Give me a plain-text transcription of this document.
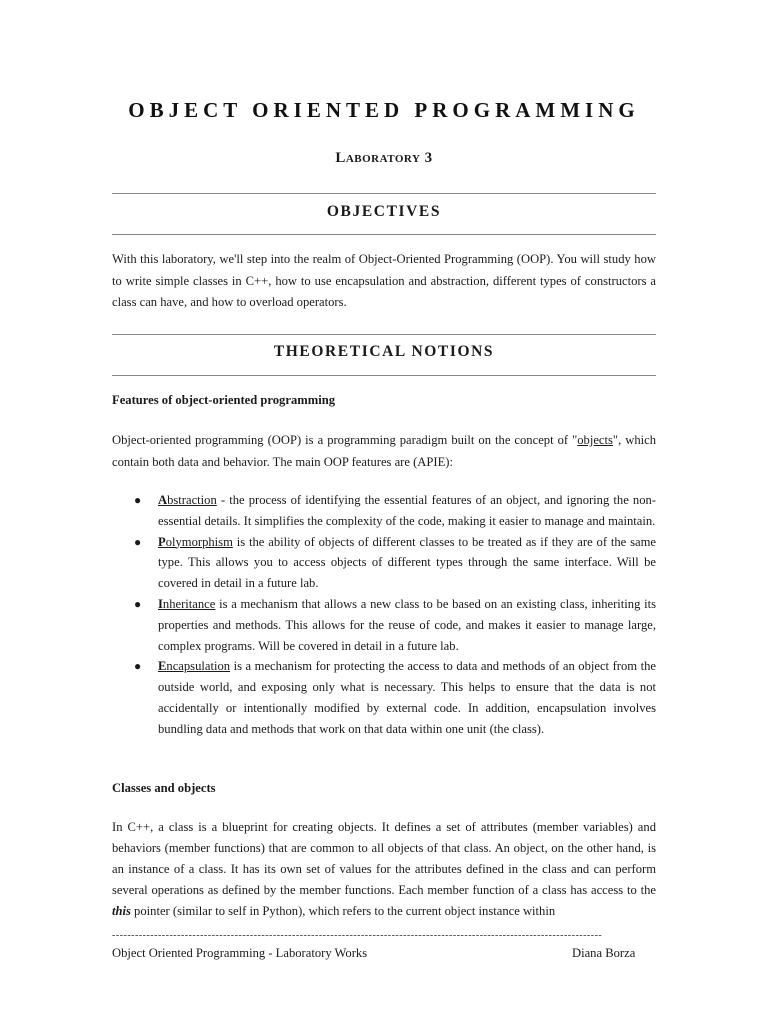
OBJECT ORIENTED PROGRAMMING
Laboratory 3
OBJECTIVES

With this laboratory, we'll step into the realm of Object-Oriented Programming (OOP). You will study how to write simple classes in C++, how to use encapsulation and abstraction, different types of constructors a class can have, and how to overload operators.

THEORETICAL NOTIONS
Features of object-oriented programming

Object-oriented programming (OOP) is a programming paradigm built on the concept of "objects", which contain both data and behavior. The main OOP features are (APIE):

● Abstraction - the process of identifying the essential features of an object, and ignoring the non-essential details. It simplifies the complexity of the code, making it easier to manage and maintain.
● Polymorphism is the ability of objects of different classes to be treated as if they are of the same type. This allows you to access objects of different types through the same interface. Will be covered in detail in a future lab.
● Inheritance is a mechanism that allows a new class to be based on an existing class, inheriting its properties and methods. This allows for the reuse of code, and makes it easier to manage large, complex programs. Will be covered in detail in a future lab.
● Encapsulation is a mechanism for protecting the access to data and methods of an object from the outside world, and exposing only what is necessary. This helps to ensure that the data is not accidentally or intentionally modified by external code. In addition, encapsulation involves bundling data and methods that work on that data within one unit (the class).
Classes and objects

In C++, a class is a blueprint for creating objects. It defines a set of attributes (member variables) and behaviors (member functions) that are common to all objects of that class. An object, on the other hand, is an instance of a class. It has its own set of values for the attributes defined in the class and can perform several operations as defined by the member functions. Each member function of a class has access to the this pointer (similar to self in Python), which refers to the current object instance within

--------------------------------------------------------------------------------------------------------------------------------
Object Oriented Programming - Laboratory Works	Diana Borza
